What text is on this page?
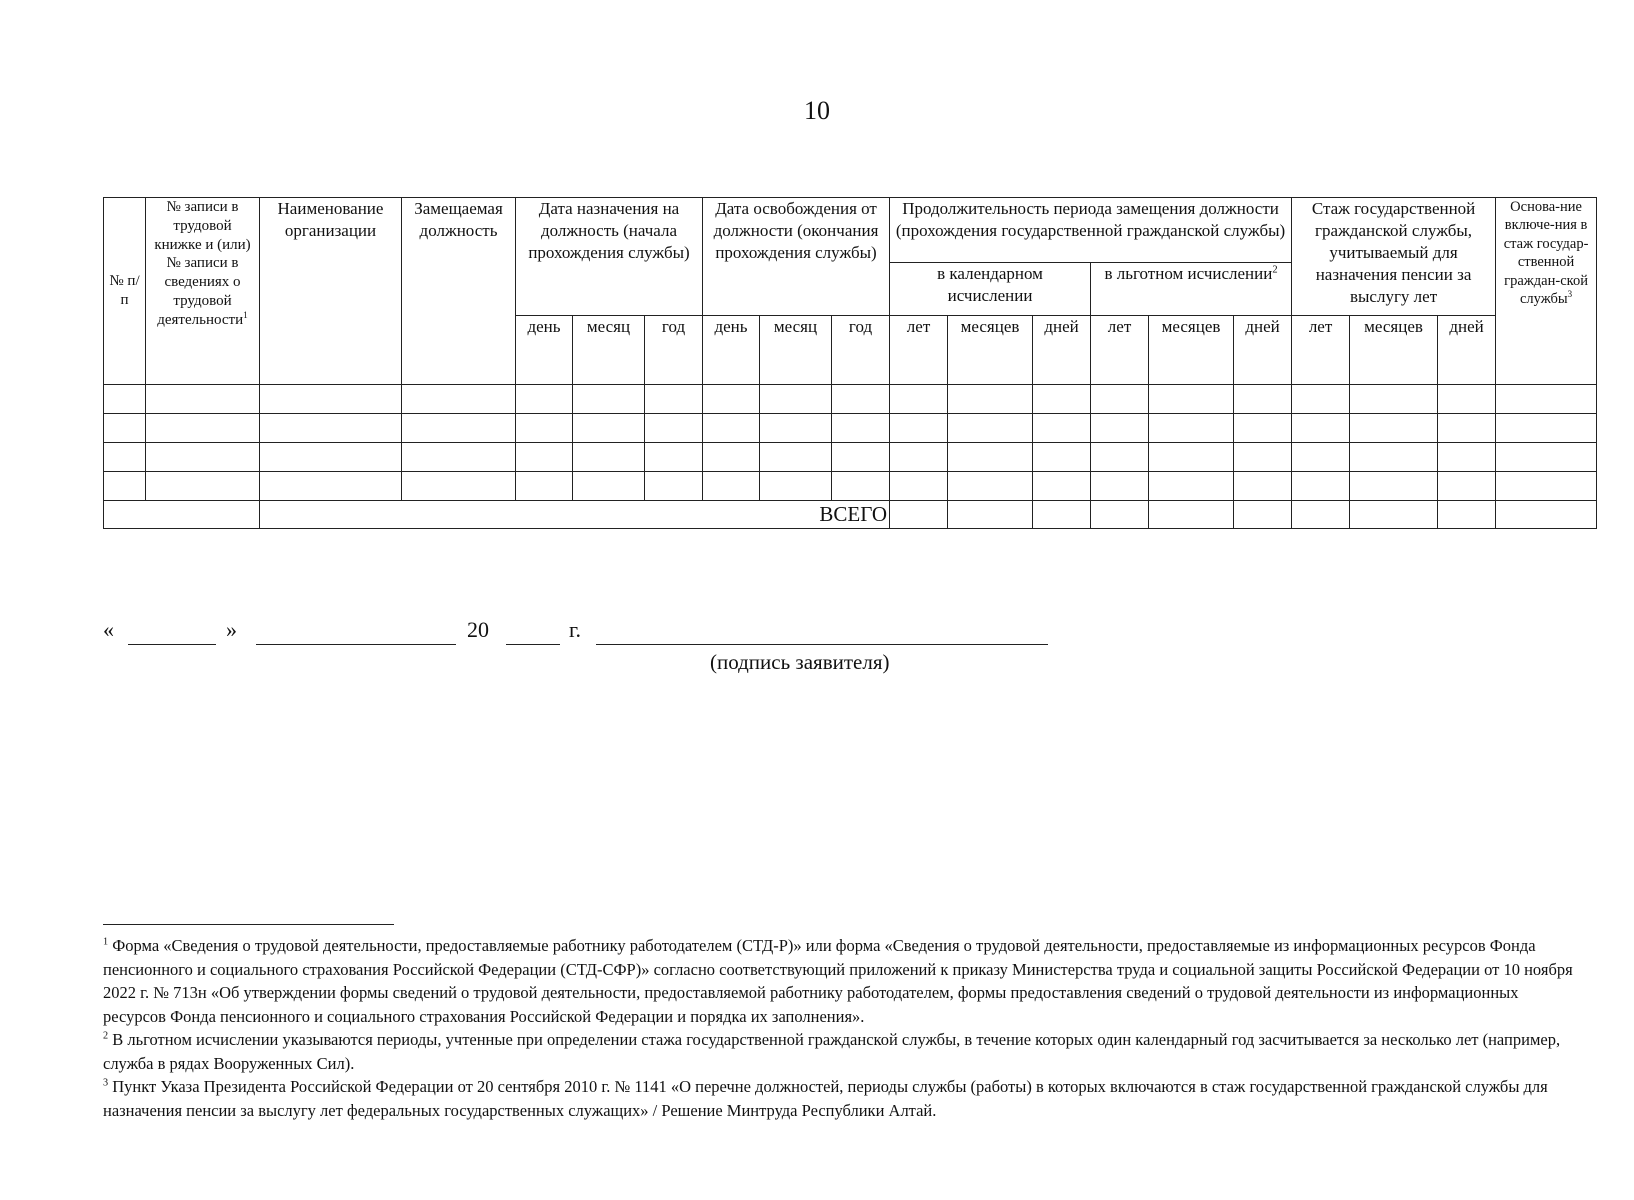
10
№ п/п	№ записи в трудовой книжке и (или) № записи в сведениях о трудовой деятельности$^1$	Наименование организации	Замещаемая должность	Дата назначения на должность (начала прохождения службы)			Дата освобождения от должности (окончания прохождения службы)			Продолжительность периода замещения должности (прохождения государственной гражданской службы)						Стаж государственной гражданской службы, учитываемый для назначения пенсии за выслугу лет			Основа-ние включе-ния в стаж государ-ственной граждан-ской службы$^3$
										в календарном исчислении			в льготном исчислении$^2$
				день	месяц	год	день	месяц	год	лет	месяцев	дней	лет	месяцев	дней	лет	месяцев	дней	

		ВСЕГО																	
«	»	20	г.
(подпись заявителя)

$^1$ Форма «Сведения о трудовой деятельности, предоставляемые работнику работодателем (СТД-Р)» или форма «Сведения о трудовой деятельности, предоставляемые из информационных ресурсов Фонда пенсионного и социального страхования Российской Федерации (СТД-СФР)» согласно соответствующий приложений к приказу Министерства труда и социальной защиты Российской Федерации от 10 ноября 2022 г. № 713н «Об утверждении формы сведений о трудовой деятельности, предоставляемой работнику работодателем, формы предоставления сведений о трудовой деятельности из информационных ресурсов Фонда пенсионного и социального страхования Российской Федерации и порядка их заполнения».

$^2$ В льготном исчислении указываются периоды, учтенные при определении стажа государственной гражданской службы, в течение которых один календарный год засчитывается за несколько лет (например, служба в рядах Вооруженных Сил).

$^3$ Пункт Указа Президента Российской Федерации от 20 сентября 2010 г. № 1141 «О перечне должностей, периоды службы (работы) в которых включаются в стаж государственной гражданской службы для назначения пенсии за выслугу лет федеральных государственных служащих» / Решение Минтруда Республики Алтай.
